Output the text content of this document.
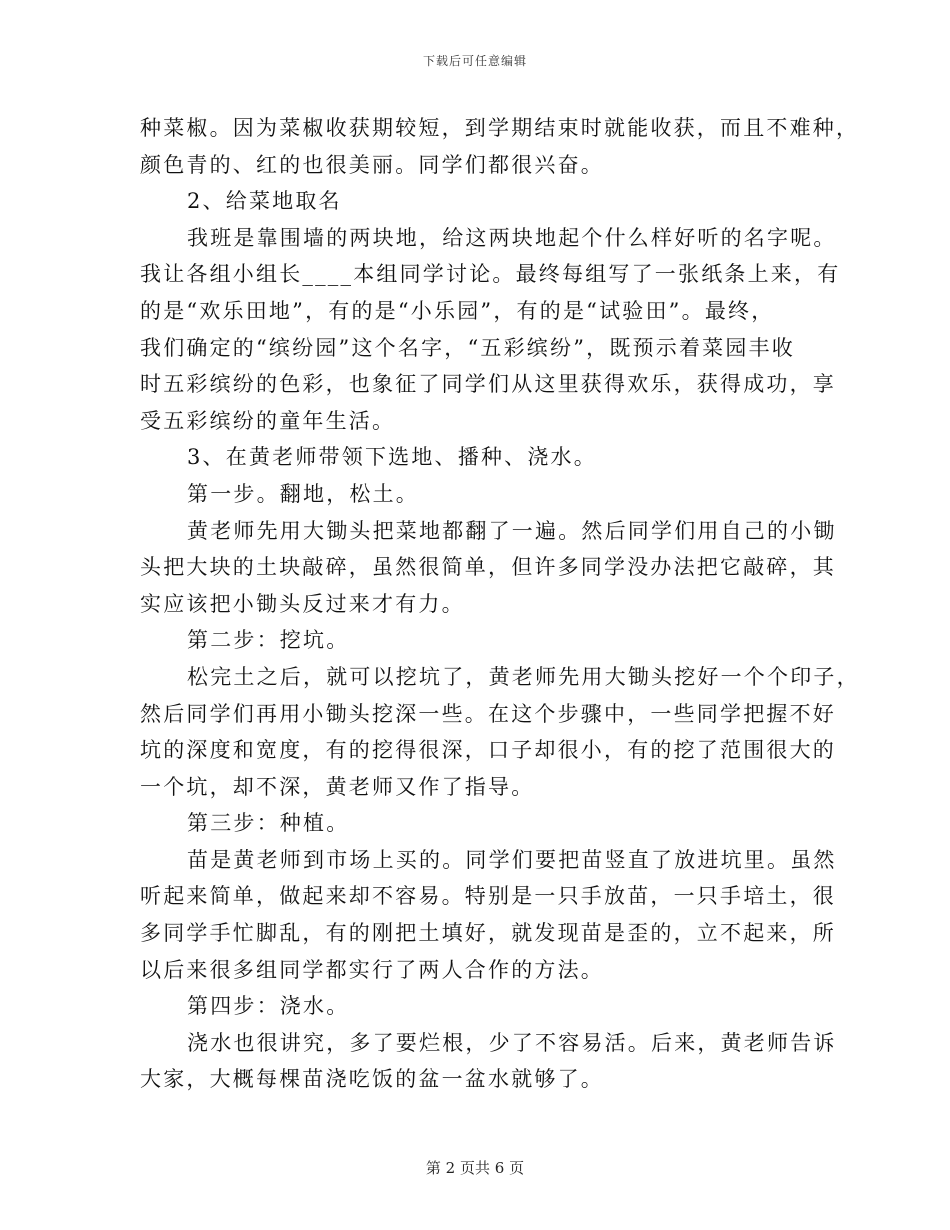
下载后可任意编辑
种菜椒。因为菜椒收获期较短，到学期结束时就能收获，而且不难种，
颜色青的、红的也很美丽。同学们都很兴奋。
2、给菜地取名
我班是靠围墙的两块地，给这两块地起个什么样好听的名字呢。
我让各组小组长____本组同学讨论。最终每组写了一张纸条上来，有
的是“欢乐田地”，有的是“小乐园”，有的是“试验田”。最终，
我们确定的“缤纷园”这个名字，“五彩缤纷”，既预示着菜园丰收
时五彩缤纷的色彩，也象征了同学们从这里获得欢乐，获得成功，享
受五彩缤纷的童年生活。
3、在黄老师带领下选地、播种、浇水。
第一步。翻地，松土。
黄老师先用大锄头把菜地都翻了一遍。然后同学们用自己的小锄
头把大块的土块敲碎，虽然很简单，但许多同学没办法把它敲碎，其
实应该把小锄头反过来才有力。
第二步：挖坑。
松完土之后，就可以挖坑了，黄老师先用大锄头挖好一个个印子，
然后同学们再用小锄头挖深一些。在这个步骤中，一些同学把握不好
坑的深度和宽度，有的挖得很深，口子却很小，有的挖了范围很大的
一个坑，却不深，黄老师又作了指导。
第三步：种植。
苗是黄老师到市场上买的。同学们要把苗竖直了放进坑里。虽然
听起来简单，做起来却不容易。特别是一只手放苗，一只手培土，很
多同学手忙脚乱，有的刚把土填好，就发现苗是歪的，立不起来，所
以后来很多组同学都实行了两人合作的方法。
第四步：浇水。
浇水也很讲究，多了要烂根，少了不容易活。后来，黄老师告诉
大家，大概每棵苗浇吃饭的盆一盆水就够了。
第 2 页共 6 页
